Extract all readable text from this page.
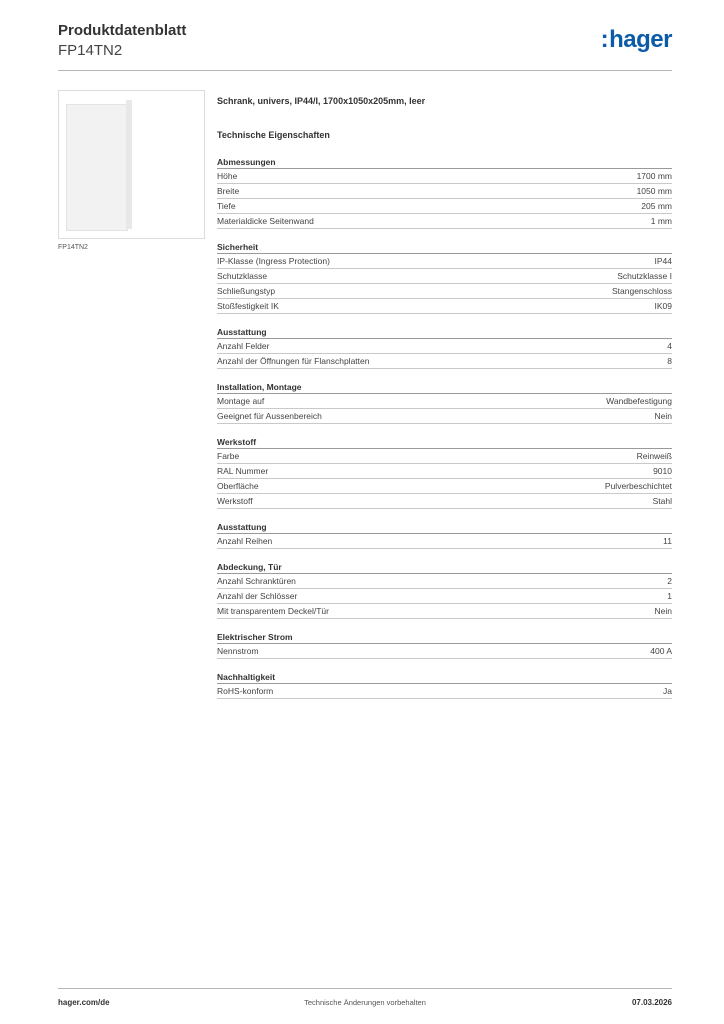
Produktdatenblatt
FP14TN2	:hager
FP14TN2
Schrank, univers, IP44/I, 1700x1050x205mm, leer
Technische Eigenschaften
Abmessungen
Höhe	1700 mm
Breite	1050 mm
Tiefe	205 mm
Materialdicke Seitenwand	1 mm
Sicherheit
IP-Klasse (Ingress Protection)	IP44
Schutzklasse	Schutzklasse I
Schließungstyp	Stangenschloss
Stoßfestigkeit IK	IK09
Ausstattung
Anzahl Felder	4
Anzahl der Öffnungen für Flanschplatten	8
Installation, Montage
Montage auf	Wandbefestigung
Geeignet für Aussenbereich	Nein
Werkstoff
Farbe	Reinweiß
RAL Nummer	9010
Oberfläche	Pulverbeschichtet
Werkstoff	Stahl
Ausstattung
Anzahl Reihen	11
Abdeckung, Tür
Anzahl Schranktüren	2
Anzahl der Schlösser	1
Mit transparentem Deckel/Tür	Nein
Elektrischer Strom
Nennstrom	400 A
Nachhaltigkeit
RoHS-konform	Ja
hager.com/de	Technische Änderungen vorbehalten	07.03.2026
